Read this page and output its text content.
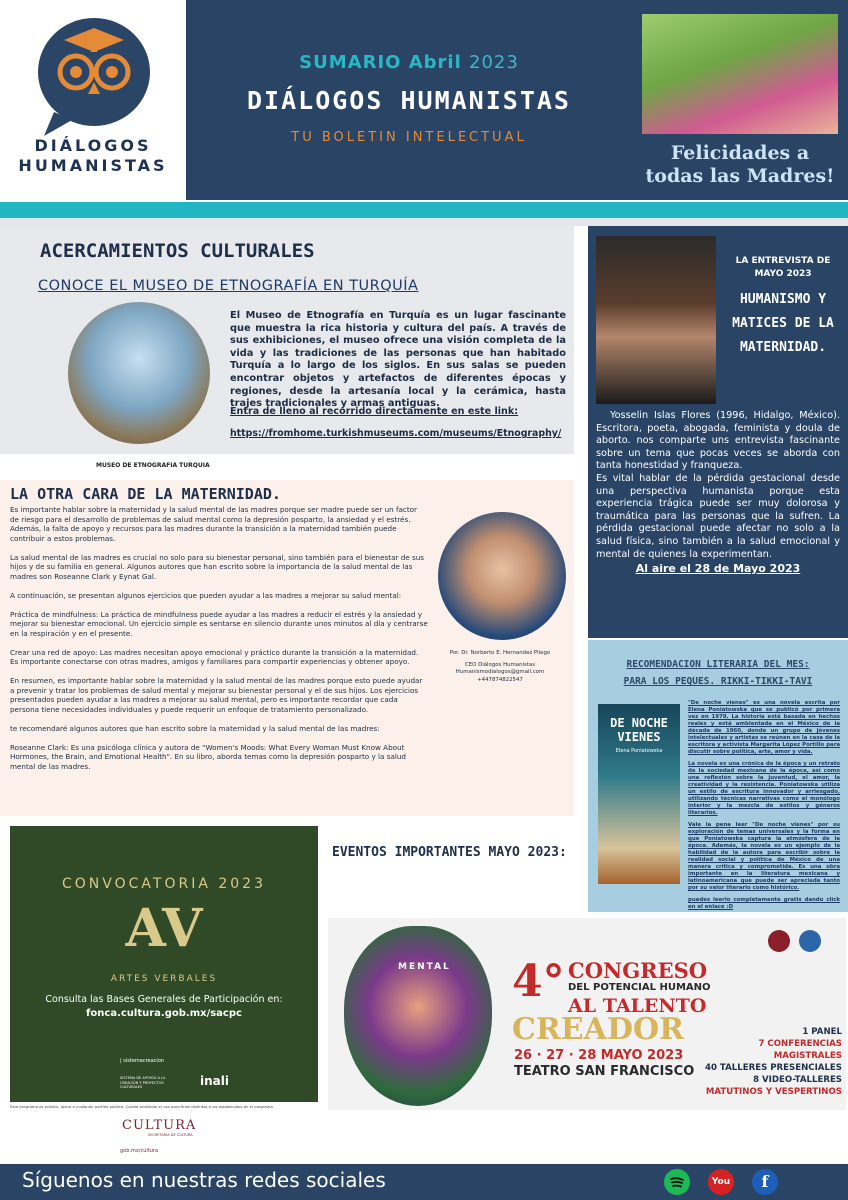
DIÁLOGOS
HUMANISTAS
SUMARIO Abril 2023
DIÁLOGOS HUMANISTAS
TU BOLETIN INTELECTUAL
Felicidades a
todas las Madres!
ACERCAMIENTOS CULTURALES
CONOCE EL MUSEO DE ETNOGRAFÍA EN TURQUÍA
El Museo de Etnografía en Turquía es un lugar fascinante que muestra la rica historia y cultura del país. A través de sus exhibiciones, el museo ofrece una visión completa de la vida y las tradiciones de las personas que han habitado Turquía a lo largo de los siglos. En sus salas se pueden encontrar objetos y artefactos de diferentes épocas y regiones, desde la artesanía local y la cerámica, hasta trajes tradicionales y armas antiguas.
Entra de lleno al recorrido directamente en este link:
https://fromhome.turkishmuseums.com/museums/Etnography/
MUSEO DE ETNOGRAFIA TURQUIA
LA ENTREVISTA DE MAYO 2023
HUMANISMO Y MATICES DE LA MATERNIDAD.
Yosselin Islas Flores (1996, Hidalgo, México). Escritora, poeta, abogada, feminista y doula de aborto. nos comparte uns entrevista fascinante sobre un tema que pocas veces se aborda con tanta honestidad y franqueza.
Es vital hablar de la pérdida gestacional desde una perspectiva humanista porque esta experiencia trágica puede ser muy dolorosa y traumática para las personas que la sufren. La pérdida gestacional puede afectar no solo a la salud física, sino también a la salud emocional y mental de quienes la experimentan.
Al aire el 28 de Mayo 2023
LA OTRA CARA DE LA MATERNIDAD.

Es importante hablar sobre la maternidad y la salud mental de las madres porque ser madre puede ser un factor de riesgo para el desarrollo de problemas de salud mental como la depresión posparto, la ansiedad y el estrés. Además, la falta de apoyo y recursos para las madres durante la transición a la maternidad también puede contribuir a estos problemas.

La salud mental de las madres es crucial no solo para su bienestar personal, sino también para el bienestar de sus hijos y de su familia en general. Algunos autores que han escrito sobre la importancia de la salud mental de las madres son Roseanne Clark y Eynat Gal.

A continuación, se presentan algunos ejercicios que pueden ayudar a las madres a mejorar su salud mental:

Práctica de mindfulness: La práctica de mindfulness puede ayudar a las madres a reducir el estrés y la ansiedad y mejorar su bienestar emocional. Un ejercicio simple es sentarse en silencio durante unos minutos al día y centrarse en la respiración y en el presente.

Crear una red de apoyo: Las madres necesitan apoyo emocional y práctico durante la transición a la maternidad. Es importante conectarse con otras madres, amigos y familiares para compartir experiencias y obtener apoyo.

En resumen, es importante hablar sobre la maternidad y la salud mental de las madres porque esto puede ayudar a prevenir y tratar los problemas de salud mental y mejorar su bienestar personal y el de sus hijos. Los ejercicios presentados pueden ayudar a las madres a mejorar su salud mental, pero es importante recordar que cada persona tiene necesidades individuales y puede requerir un enfoque de tratamiento personalizado.

te recomendaré algunos autores que han escrito sobre la maternidad y la salud mental de las madres:

Roseanne Clark: Es una psicóloga clínica y autora de "Women's Moods: What Every Woman Must Know About Hormones, the Brain, and Emotional Health". En su libro, aborda temas como la depresión posparto y la salud mental de las madres.

Por. Dr. Norberto E. Hernandez Pliego
CEO Diálogos Humanistas
Humanismodialogos@gmail.com
+447874822547
RECOMENDACION LITERARIA DEL MES:
PARA LOS PEQUES. RIKKI-TIKKI-TAVI
DE NOCHE VIENES
Elena Poniatowska

"De noche vienes" es una novela escrita por Elena Poniatowska que se publicó por primera vez en 1979. La historia está basada en hechos reales y está ambientada en el México de la década de 1960, donde un grupo de jóvenes intelectuales y artistas se reúnen en la casa de la escritora y activista Margarita López Portillo para discutir sobre política, arte, amor y vida.

La novela es una crónica de la época y un retrato de la sociedad mexicana de la época, así como una reflexión sobre la juventud, el amor, la creatividad y la resistencia. Poniatowska utiliza un estilo de escritura innovador y arriesgado, utilizando técnicas narrativas como el monólogo interior y la mezcla de estilos y géneros literarios.

Vale la pena leer "De noche vienes" por su exploración de temas universales y la forma en que Poniatowska captura la atmósfera de la época. Además, la novela es un ejemplo de la habilidad de la autora para escribir sobre la realidad social y política de México de una manera crítica y comprometida. Es una obra importante en la literatura mexicana y latinoamericana que puede ser apreciada tanto por su valor literario como histórico.

puedes leerlo completamente gratis dando click en el enlace :D

CONVOCATORIA 2023
AV
ARTES VERBALES
Consulta las Bases Generales de Participación en:
fonca.cultura.gob.mx/sacpc
| sistemacreacion
SISTEMA DE APOYOS A LA CREACIÓN Y PROYECTOS CULTURALES	inali
Este programa es público, ajeno a cualquier partido político. Queda prohibido el uso para fines distintos a los establecidos en el programa
CULTURA
SECRETARÍA DE CULTURA
gob.mx/cultura
EVENTOS IMPORTANTES MAYO 2023:
MENTAL 4° CONGRESO
DEL POTENCIAL HUMANO
AL TALENTO
CREADOR
26 · 27 · 28 MAYO 2023
TEATRO SAN FRANCISCO
1 PANEL
7 CONFERENCIAS
MAGISTRALES
40 TALLERES PRESENCIALES
8 VIDEO-TALLERES
MATUTINOS Y VESPERTINOS

Síguenos en nuestras redes sociales	You	f
